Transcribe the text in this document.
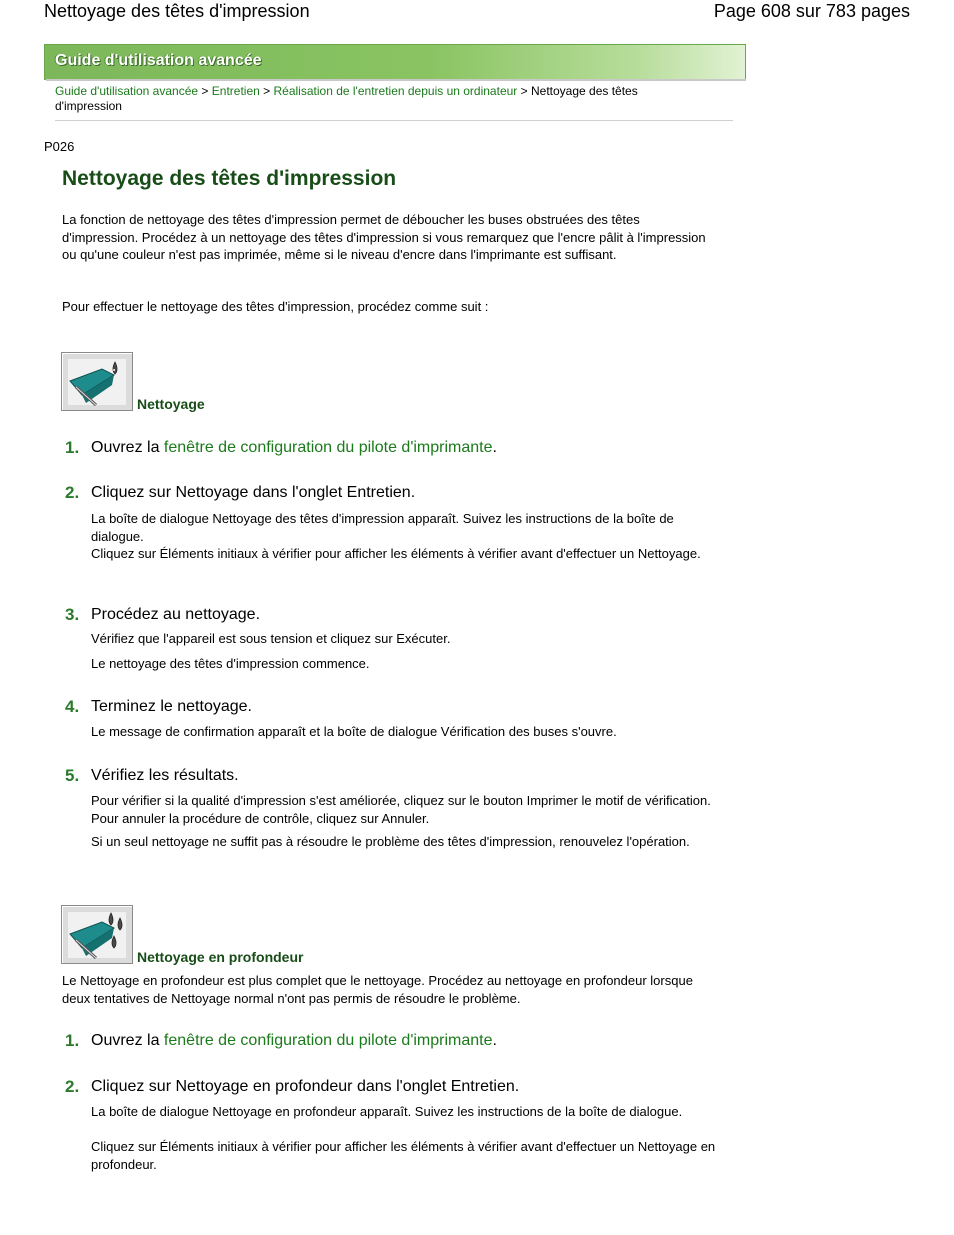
Nettoyage des têtes d'impression	Page 608 sur 783 pages
Guide d'utilisation avancée
Guide d'utilisation avancée > Entretien > Réalisation de l'entretien depuis un ordinateur > Nettoyage des têtes d'impression
P026
Nettoyage des têtes d'impression

La fonction de nettoyage des têtes d'impression permet de déboucher les buses obstruées des têtes d'impression. Procédez à un nettoyage des têtes d'impression si vous remarquez que l'encre pâlit à l'impression ou qu'une couleur n'est pas imprimée, même si le niveau d'encre dans l'imprimante est suffisant.

Pour effectuer le nettoyage des têtes d'impression, procédez comme suit :

Nettoyage
1. Ouvrez la fenêtre de configuration du pilote d'imprimante.
2. Cliquez sur Nettoyage dans l'onglet Entretien.

La boîte de dialogue Nettoyage des têtes d'impression apparaît. Suivez les instructions de la boîte de dialogue.

Cliquez sur Éléments initiaux à vérifier pour afficher les éléments à vérifier avant d'effectuer un Nettoyage.

3. Procédez au nettoyage.

Vérifiez que l'appareil est sous tension et cliquez sur Exécuter.

Le nettoyage des têtes d'impression commence.

4. Terminez le nettoyage.

Le message de confirmation apparaît et la boîte de dialogue Vérification des buses s'ouvre.

5. Vérifiez les résultats.

Pour vérifier si la qualité d'impression s'est améliorée, cliquez sur le bouton Imprimer le motif de vérification. Pour annuler la procédure de contrôle, cliquez sur Annuler.

Si un seul nettoyage ne suffit pas à résoudre le problème des têtes d'impression, renouvelez l'opération.

Nettoyage en profondeur

Le Nettoyage en profondeur est plus complet que le nettoyage. Procédez au nettoyage en profondeur lorsque deux tentatives de Nettoyage normal n'ont pas permis de résoudre le problème.

1. Ouvrez la fenêtre de configuration du pilote d'imprimante.
2. Cliquez sur Nettoyage en profondeur dans l'onglet Entretien.

La boîte de dialogue Nettoyage en profondeur apparaît. Suivez les instructions de la boîte de dialogue.

Cliquez sur Éléments initiaux à vérifier pour afficher les éléments à vérifier avant d'effectuer un Nettoyage en profondeur.
